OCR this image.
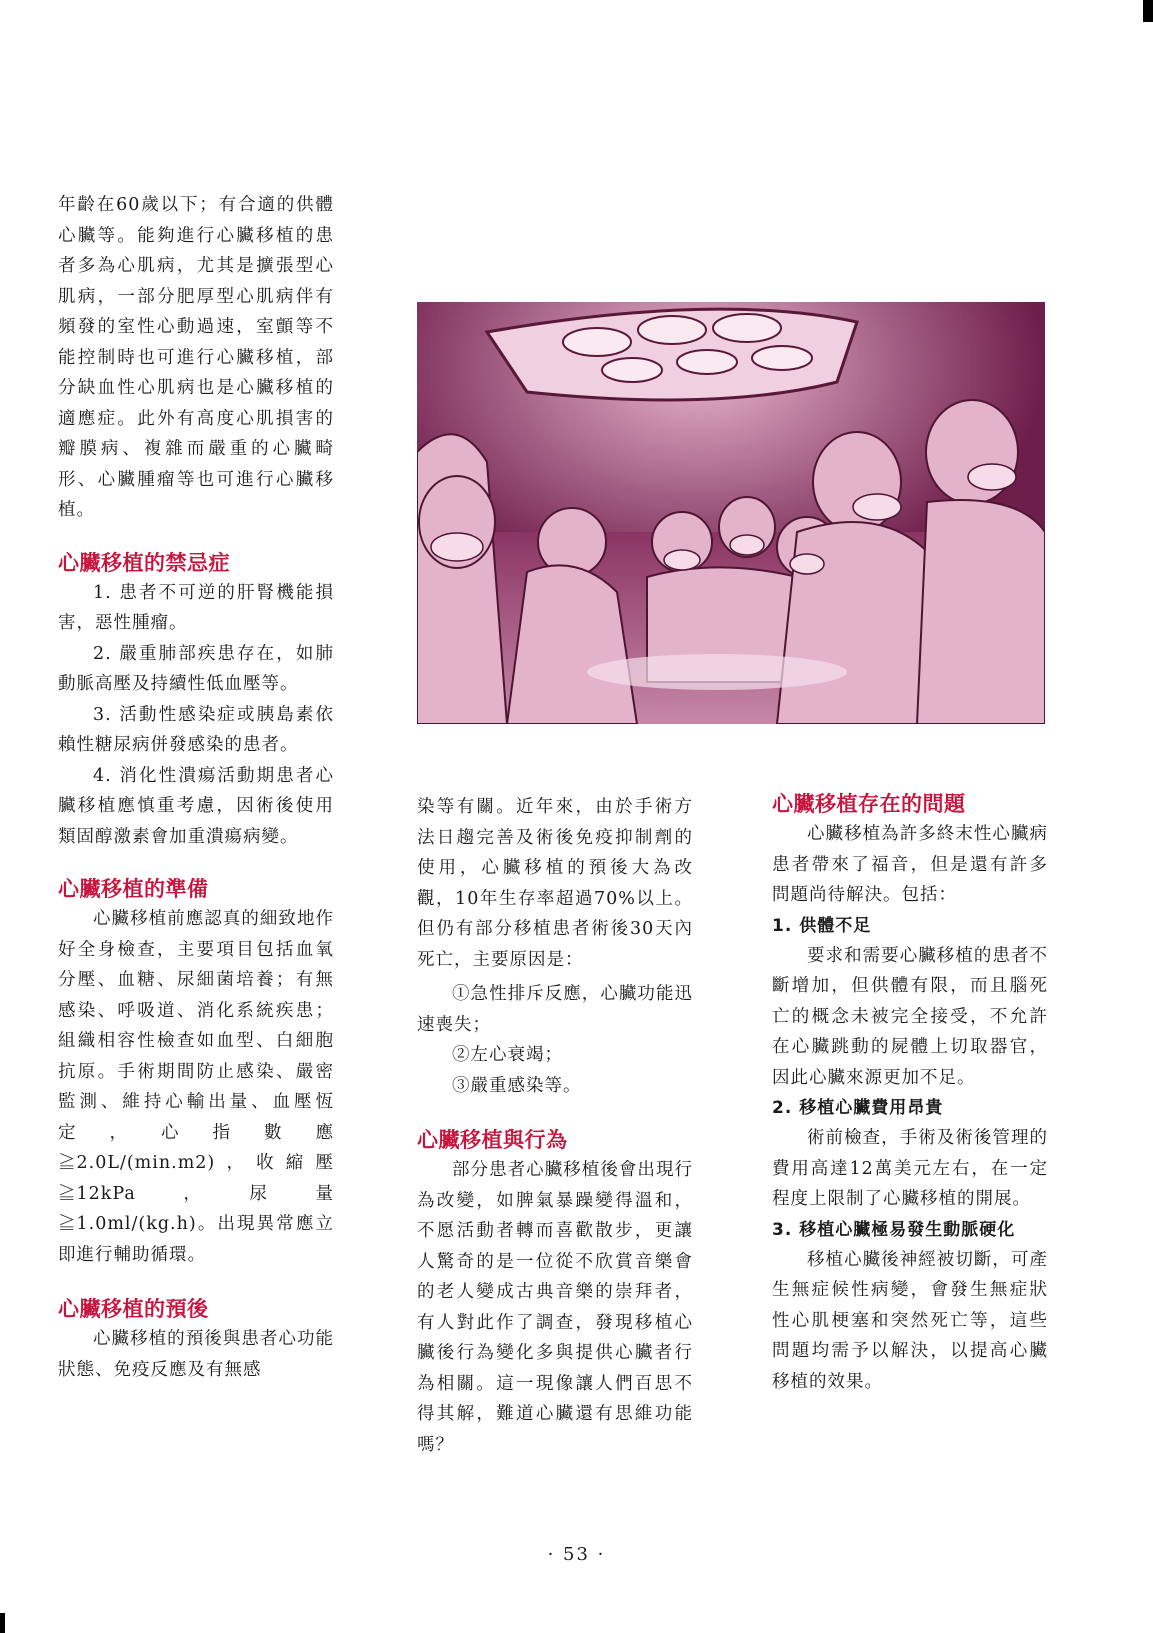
年齡在60歲以下；有合適的供體心臟等。能夠進行心臟移植的患者多為心肌病，尤其是擴張型心肌病，一部分肥厚型心肌病伴有頻發的室性心動過速，室顫等不能控制時也可進行心臟移植，部分缺血性心肌病也是心臟移植的適應症。此外有高度心肌損害的瓣膜病、複雜而嚴重的心臟畸形、心臟腫瘤等也可進行心臟移植。

心臟移植的禁忌症

1. 患者不可逆的肝腎機能損害，惡性腫瘤。

2. 嚴重肺部疾患存在，如肺動脈高壓及持續性低血壓等。

3. 活動性感染症或胰島素依賴性糖尿病併發感染的患者。

4. 消化性潰瘍活動期患者心臟移植應慎重考慮，因術後使用類固醇激素會加重潰瘍病變。

心臟移植的準備

心臟移植前應認真的細致地作好全身檢查，主要項目包括血氧分壓、血糖、尿細菌培養；有無感染、呼吸道、消化系統疾患；組織相容性檢查如血型、白細胞抗原。手術期間防止感染、嚴密監測、維持心輸出量、血壓恆定，心指數應≧2.0L/(min.m2)，收縮壓≧12kPa，尿量≧1.0ml/(kg.h)。出現異常應立即進行輔助循環。

心臟移植的預後

心臟移植的預後與患者心功能狀態、免疫反應及有無感

染等有關。近年來，由於手術方法日趨完善及術後免疫抑制劑的使用，心臟移植的預後大為改觀，10年生存率超過70%以上。但仍有部分移植患者術後30天內死亡，主要原因是：

①急性排斥反應，心臟功能迅速喪失；

②左心衰竭；

③嚴重感染等。

心臟移植與行為

部分患者心臟移植後會出現行為改變，如脾氣暴躁變得溫和，不愿活動者轉而喜歡散步，更讓人驚奇的是一位從不欣賞音樂會的老人變成古典音樂的崇拜者，有人對此作了調查，發現移植心臟後行為變化多與提供心臟者行為相關。這一現像讓人們百思不得其解，難道心臟還有思維功能嗎？

心臟移植存在的問題

心臟移植為許多終末性心臟病患者帶來了福音，但是還有許多問題尚待解決。包括：

1. 供體不足

要求和需要心臟移植的患者不斷增加，但供體有限，而且腦死亡的概念未被完全接受，不允許在心臟跳動的屍體上切取器官，因此心臟來源更加不足。

2. 移植心臟費用昂貴

術前檢查，手術及術後管理的費用高達12萬美元左右，在一定程度上限制了心臟移植的開展。

3. 移植心臟極易發生動脈硬化

移植心臟後神經被切斷，可產生無症候性病變，會發生無症狀性心肌梗塞和突然死亡等，這些問題均需予以解決，以提高心臟移植的效果。

· 53 ·
